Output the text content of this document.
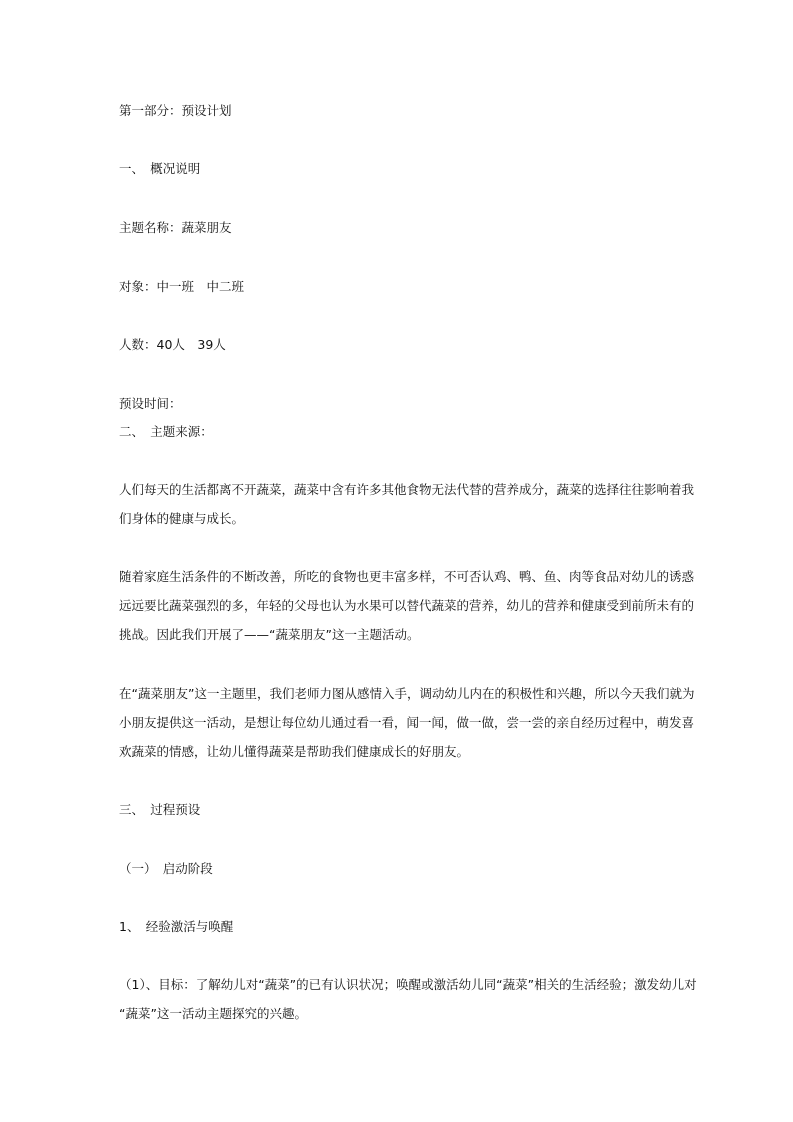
第一部分：预设计划
一、　概况说明
主题名称：蔬菜朋友
对象：中一班　中二班
人数：40人　39人
预设时间：
二、　主题来源：

人们每天的生活都离不开蔬菜，蔬菜中含有许多其他食物无法代替的营养成分，蔬菜的选择往往影响着我

们身体的健康与成长。

随着家庭生活条件的不断改善，所吃的食物也更丰富多样，不可否认鸡、鸭、鱼、肉等食品对幼儿的诱惑

远远要比蔬菜强烈的多，年轻的父母也认为水果可以替代蔬菜的营养，幼儿的营养和健康受到前所未有的

挑战。因此我们开展了——“蔬菜朋友”这一主题活动。

在“蔬菜朋友”这一主题里，我们老师力图从感情入手，调动幼儿内在的积极性和兴趣，所以今天我们就为

小朋友提供这一活动，是想让每位幼儿通过看一看，闻一闻，做一做，尝一尝的亲自经历过程中，萌发喜

欢蔬菜的情感，让幼儿懂得蔬菜是帮助我们健康成长的好朋友。

三、　过程预设
（一）　启动阶段
1、　经验激活与唤醒

（1）、目标：了解幼儿对“蔬菜”的已有认识状况；唤醒或激活幼儿同“蔬菜”相关的生活经验；激发幼儿对

“蔬菜”这一活动主题探究的兴趣。
